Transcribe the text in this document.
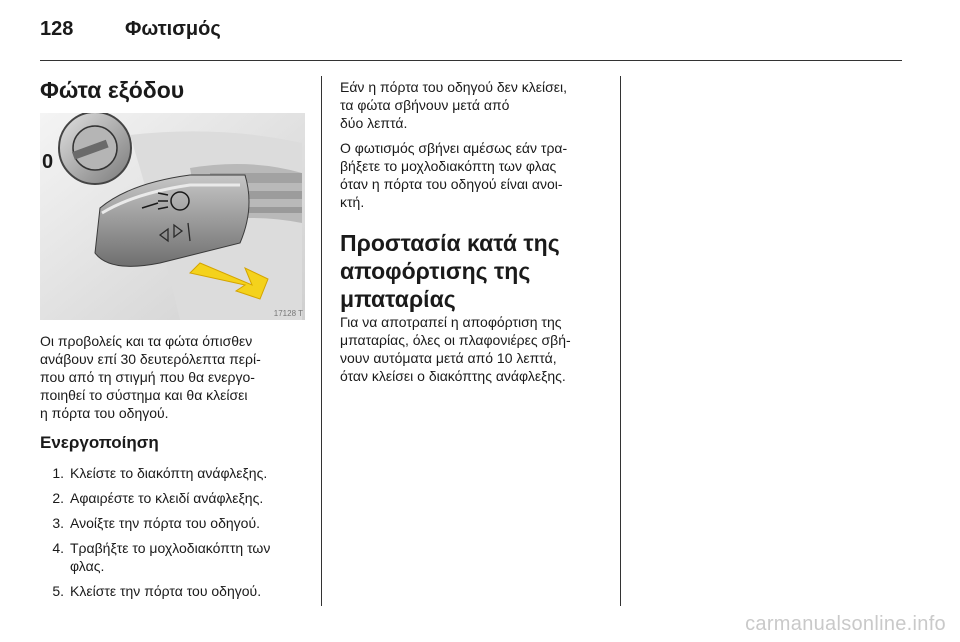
128	Φωτισμός
Φώτα εξόδου
0
17128 T

Οι προβολείς και τα φώτα όπισθεν

ανάβουν επί 30 δευτερόλεπτα περί-

που από τη στιγμή που θα ενεργο-

ποιηθεί το σύστημα και θα κλείσει

η πόρτα του οδηγού.

Ενεργοποίηση
1. Κλείστε το διακόπτη ανάφλεξης.
2. Αφαιρέστε το κλειδί ανάφλεξης.
3. Ανοίξτε την πόρτα του οδηγού.
4. Τραβήξτε το μοχλοδιακόπτη των φλας.
5. Κλείστε την πόρτα του οδηγού.

Εάν η πόρτα του οδηγού δεν κλείσει,

τα φώτα σβήνουν μετά από

δύο λεπτά.

Ο φωτισμός σβήνει αμέσως εάν τρα-

βήξετε το μοχλοδιακόπτη των φλας

όταν η πόρτα του οδηγού είναι ανοι-

κτή.

Προστασία κατά της
αποφόρτισης της
μπαταρίας

Για να αποτραπεί η αποφόρτιση της

μπαταρίας, όλες οι πλαφονιέρες σβή-

νουν αυτόματα μετά από 10 λεπτά,

όταν κλείσει ο διακόπτης ανάφλεξης.

carmanualsonline.info
